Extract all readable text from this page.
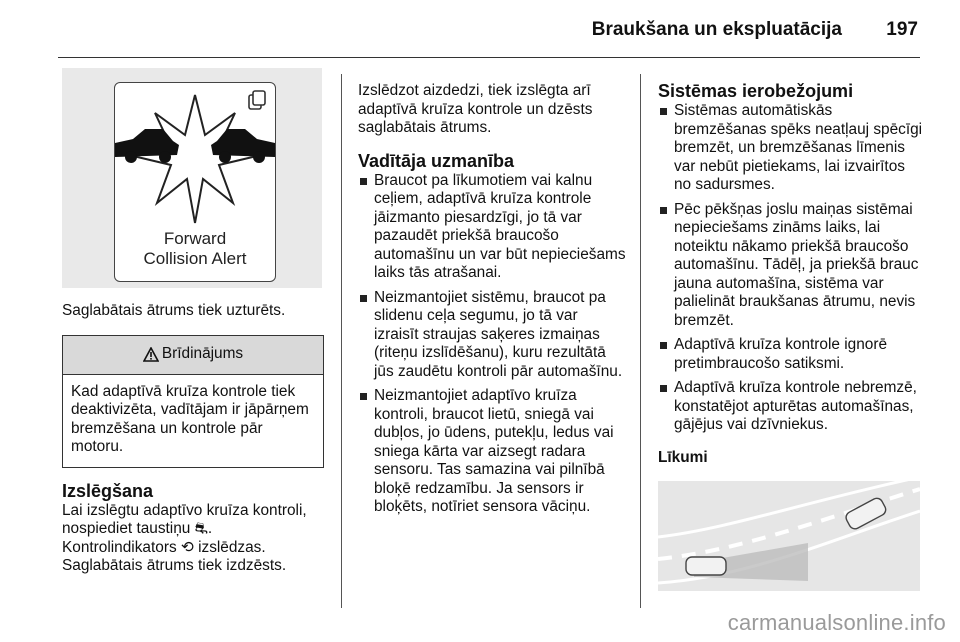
Braukšana un ekspluatācija 197
Forward
Collision Alert

Saglabātais ātrums tiek uzturēts.

Brīdinājums
Kad adaptīvā kruīza kontrole tiek deaktivizēta, vadītājam ir jāpārņem bremzēšana un kontrole pār motoru.
Izslēgšana
Lai izslēgtu adaptīvo kruīza kontroli, nospiediet taustiņu ⛐.
Kontrolindikators ⟲ izslēdzas.
Saglabātais ātrums tiek izdzēsts.

Izslēdzot aizdedzi, tiek izslēgta arī adaptīvā kruīza kontrole un dzēsts saglabātais ātrums.

Vadītāja uzmanība
Braucot pa līkumotiem vai kalnu ceļiem, adaptīvā kruīza kontrole jāizmanto piesardzīgi, jo tā var pazaudēt priekšā braucošo automašīnu un var būt nepieciešams laiks tās atrašanai.
Neizmantojiet sistēmu, braucot pa slidenu ceļa segumu, jo tā var izraisīt straujas saķeres izmaiņas (riteņu izslīdēšanu), kuru rezultātā jūs zaudētu kontroli pār automašīnu.
Neizmantojiet adaptīvo kruīza kontroli, braucot lietū, sniegā vai dubļos, jo ūdens, putekļu, ledus vai sniega kārta var aizsegt radara sensoru. Tas samazina vai pilnībā bloķē redzamību. Ja sensors ir bloķēts, notīriet sensora vāciņu.
Sistēmas ierobežojumi
Sistēmas automātiskās bremzēšanas spēks neatļauj spēcīgi bremzēt, un bremzēšanas līmenis var nebūt pietiekams, lai izvairītos no sadursmes.
Pēc pēkšņas joslu maiņas sistēmai nepieciešams zināms laiks, lai noteiktu nākamo priekšā braucošo automašīnu. Tādēļ, ja priekšā brauc jauna automašīna, sistēma var palielināt braukšanas ātrumu, nevis bremzēt.
Adaptīvā kruīza kontrole ignorē pretimbraucošo satiksmi.
Adaptīvā kruīza kontrole nebremzē, konstatējot apturētas automašīnas, gājējus vai dzīvniekus.
Līkumi
carmanualsonline.info
